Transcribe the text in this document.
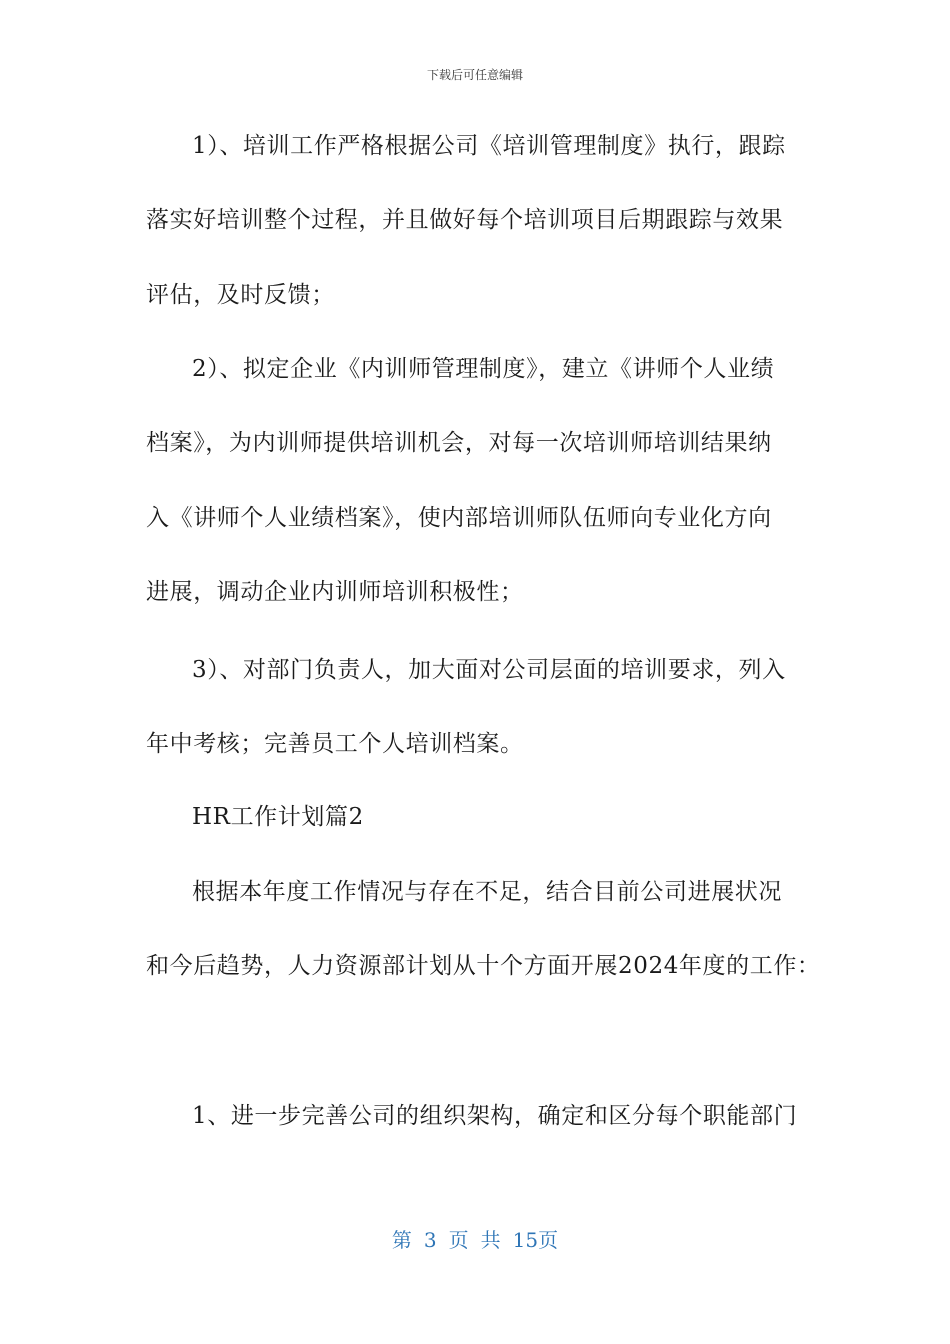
下载后可任意编辑
1）、培训工作严格根据公司《培训管理制度》执行，跟踪
落实好培训整个过程，并且做好每个培训项目后期跟踪与效果
评估，及时反馈；
2）、拟定企业《内训师管理制度》，建立《讲师个人业绩
档案》，为内训师提供培训机会，对每一次培训师培训结果纳
入《讲师个人业绩档案》，使内部培训师队伍师向专业化方向
进展，调动企业内训师培训积极性；
3）、对部门负责人，加大面对公司层面的培训要求，列入
年中考核；完善员工个人培训档案。
HR工作计划篇2
根据本年度工作情况与存在不足，结合目前公司进展状况
和今后趋势，人力资源部计划从十个方面开展2024年度的工作：
1、进一步完善公司的组织架构，确定和区分每个职能部门
第 3 页 共 15页
